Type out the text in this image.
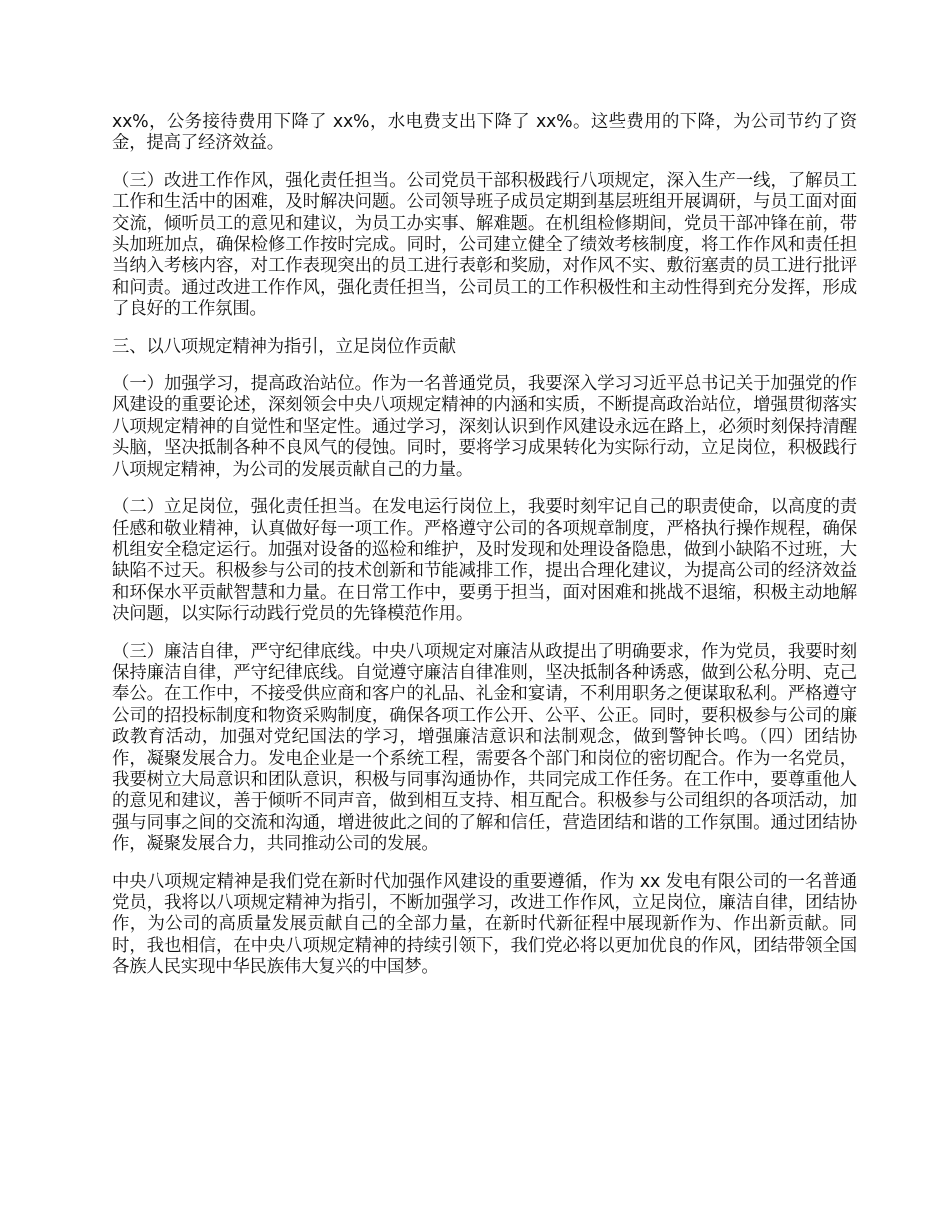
xx%，公务接待费用下降了 xx%，水电费支出下降了 xx%。这些费用的下降，为公司节约了资金，提高了经济效益。

（三）改进工作作风，强化责任担当。公司党员干部积极践行八项规定，深入生产一线，了解员工工作和生活中的困难，及时解决问题。公司领导班子成员定期到基层班组开展调研，与员工面对面交流，倾听员工的意见和建议，为员工办实事、解难题。在机组检修期间，党员干部冲锋在前，带头加班加点，确保检修工作按时完成。同时，公司建立健全了绩效考核制度，将工作作风和责任担当纳入考核内容，对工作表现突出的员工进行表彰和奖励，对作风不实、敷衍塞责的员工进行批评和问责。通过改进工作作风，强化责任担当，公司员工的工作积极性和主动性得到充分发挥，形成了良好的工作氛围。

三、以八项规定精神为指引，立足岗位作贡献

（一）加强学习，提高政治站位。作为一名普通党员，我要深入学习习近平总书记关于加强党的作风建设的重要论述，深刻领会中央八项规定精神的内涵和实质，不断提高政治站位，增强贯彻落实八项规定精神的自觉性和坚定性。通过学习，深刻认识到作风建设永远在路上，必须时刻保持清醒头脑，坚决抵制各种不良风气的侵蚀。同时，要将学习成果转化为实际行动，立足岗位，积极践行八项规定精神，为公司的发展贡献自己的力量。

（二）立足岗位，强化责任担当。在发电运行岗位上，我要时刻牢记自己的职责使命，以高度的责任感和敬业精神，认真做好每一项工作。严格遵守公司的各项规章制度，严格执行操作规程，确保机组安全稳定运行。加强对设备的巡检和维护，及时发现和处理设备隐患，做到小缺陷不过班，大缺陷不过天。积极参与公司的技术创新和节能减排工作，提出合理化建议，为提高公司的经济效益和环保水平贡献智慧和力量。在日常工作中，要勇于担当，面对困难和挑战不退缩，积极主动地解决问题，以实际行动践行党员的先锋模范作用。

（三）廉洁自律，严守纪律底线。中央八项规定对廉洁从政提出了明确要求，作为党员，我要时刻保持廉洁自律，严守纪律底线。自觉遵守廉洁自律准则，坚决抵制各种诱惑，做到公私分明、克己奉公。在工作中，不接受供应商和客户的礼品、礼金和宴请，不利用职务之便谋取私利。严格遵守公司的招投标制度和物资采购制度，确保各项工作公开、公平、公正。同时，要积极参与公司的廉政教育活动，加强对党纪国法的学习，增强廉洁意识和法制观念，做到警钟长鸣。（四）团结协作，凝聚发展合力。发电企业是一个系统工程，需要各个部门和岗位的密切配合。作为一名党员，我要树立大局意识和团队意识，积极与同事沟通协作，共同完成工作任务。在工作中，要尊重他人的意见和建议，善于倾听不同声音，做到相互支持、相互配合。积极参与公司组织的各项活动，加强与同事之间的交流和沟通，增进彼此之间的了解和信任，营造团结和谐的工作氛围。通过团结协作，凝聚发展合力，共同推动公司的发展。

中央八项规定精神是我们党在新时代加强作风建设的重要遵循，作为 xx 发电有限公司的一名普通党员，我将以八项规定精神为指引，不断加强学习，改进工作作风，立足岗位，廉洁自律，团结协作，为公司的高质量发展贡献自己的全部力量，在新时代新征程中展现新作为、作出新贡献。同时，我也相信，在中央八项规定精神的持续引领下，我们党必将以更加优良的作风，团结带领全国各族人民实现中华民族伟大复兴的中国梦。
